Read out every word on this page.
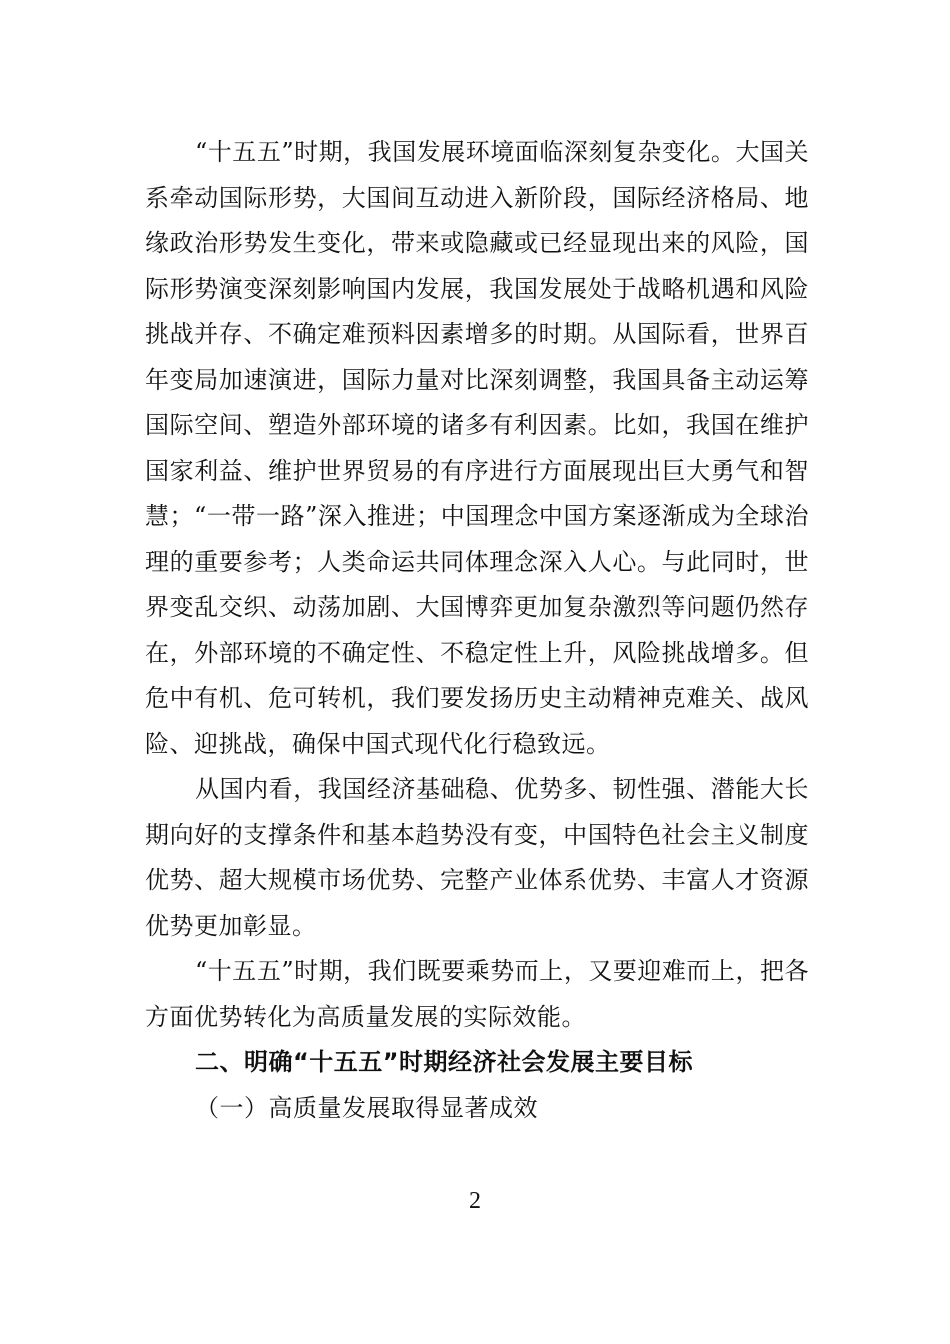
“十五五”时期，我国发展环境面临深刻复杂变化。大国关系牵动国际形势，大国间互动进入新阶段，国际经济格局、地缘政治形势发生变化，带来或隐藏或已经显现出来的风险，国际形势演变深刻影响国内发展，我国发展处于战略机遇和风险挑战并存、不确定难预料因素增多的时期。从国际看，世界百年变局加速演进，国际力量对比深刻调整，我国具备主动运筹国际空间、塑造外部环境的诸多有利因素。比如，我国在维护国家利益、维护世界贸易的有序进行方面展现出巨大勇气和智慧；“一带一路”深入推进；中国理念中国方案逐渐成为全球治理的重要参考；人类命运共同体理念深入人心。与此同时，世界变乱交织、动荡加剧、大国博弈更加复杂激烈等问题仍然存在，外部环境的不确定性、不稳定性上升，风险挑战增多。但危中有机、危可转机，我们要发扬历史主动精神克难关、战风险、迎挑战，确保中国式现代化行稳致远。

从国内看，我国经济基础稳、优势多、韧性强、潜能大长期向好的支撑条件和基本趋势没有变，中国特色社会主义制度优势、超大规模市场优势、完整产业体系优势、丰富人才资源优势更加彰显。

“十五五”时期，我们既要乘势而上，又要迎难而上，把各方面优势转化为高质量发展的实际效能。

二、明确“十五五”时期经济社会发展主要目标

（一）高质量发展取得显著成效

2
